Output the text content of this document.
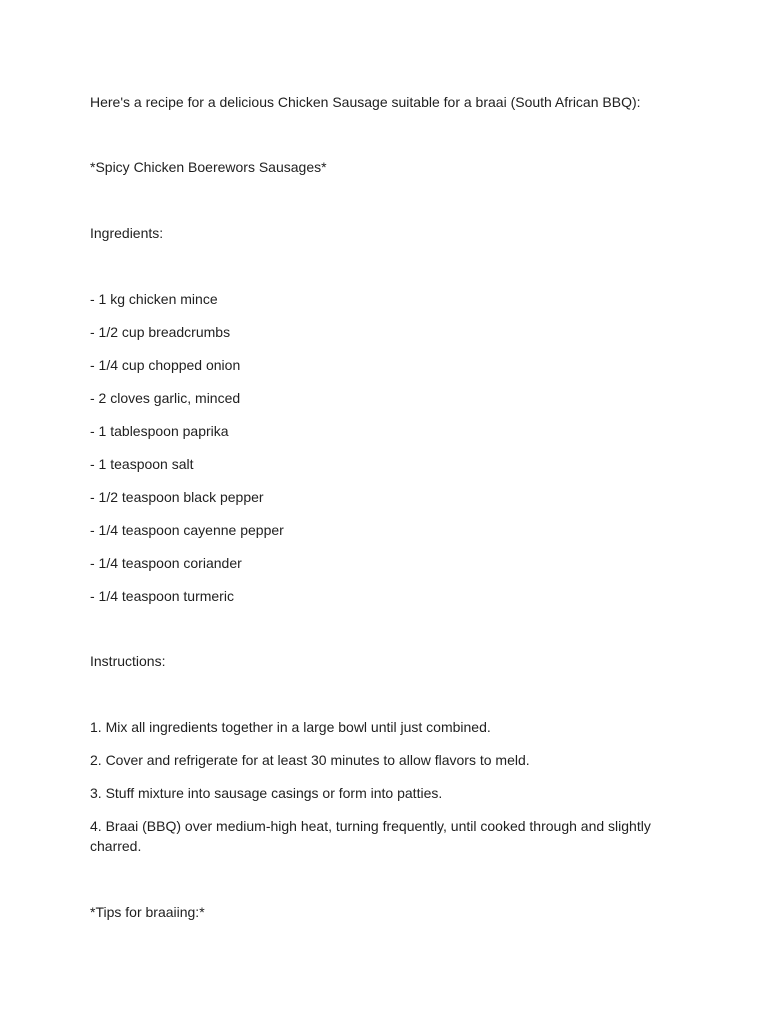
Here's a recipe for a delicious Chicken Sausage suitable for a braai (South African BBQ):
*Spicy Chicken Boerewors Sausages*
Ingredients:
- 1 kg chicken mince
- 1/2 cup breadcrumbs
- 1/4 cup chopped onion
- 2 cloves garlic, minced
- 1 tablespoon paprika
- 1 teaspoon salt
- 1/2 teaspoon black pepper
- 1/4 teaspoon cayenne pepper
- 1/4 teaspoon coriander
- 1/4 teaspoon turmeric
Instructions:
1. Mix all ingredients together in a large bowl until just combined.
2. Cover and refrigerate for at least 30 minutes to allow flavors to meld.
3. Stuff mixture into sausage casings or form into patties.
4. Braai (BBQ) over medium-high heat, turning frequently, until cooked through and slightly charred.
*Tips for braaiing:*
